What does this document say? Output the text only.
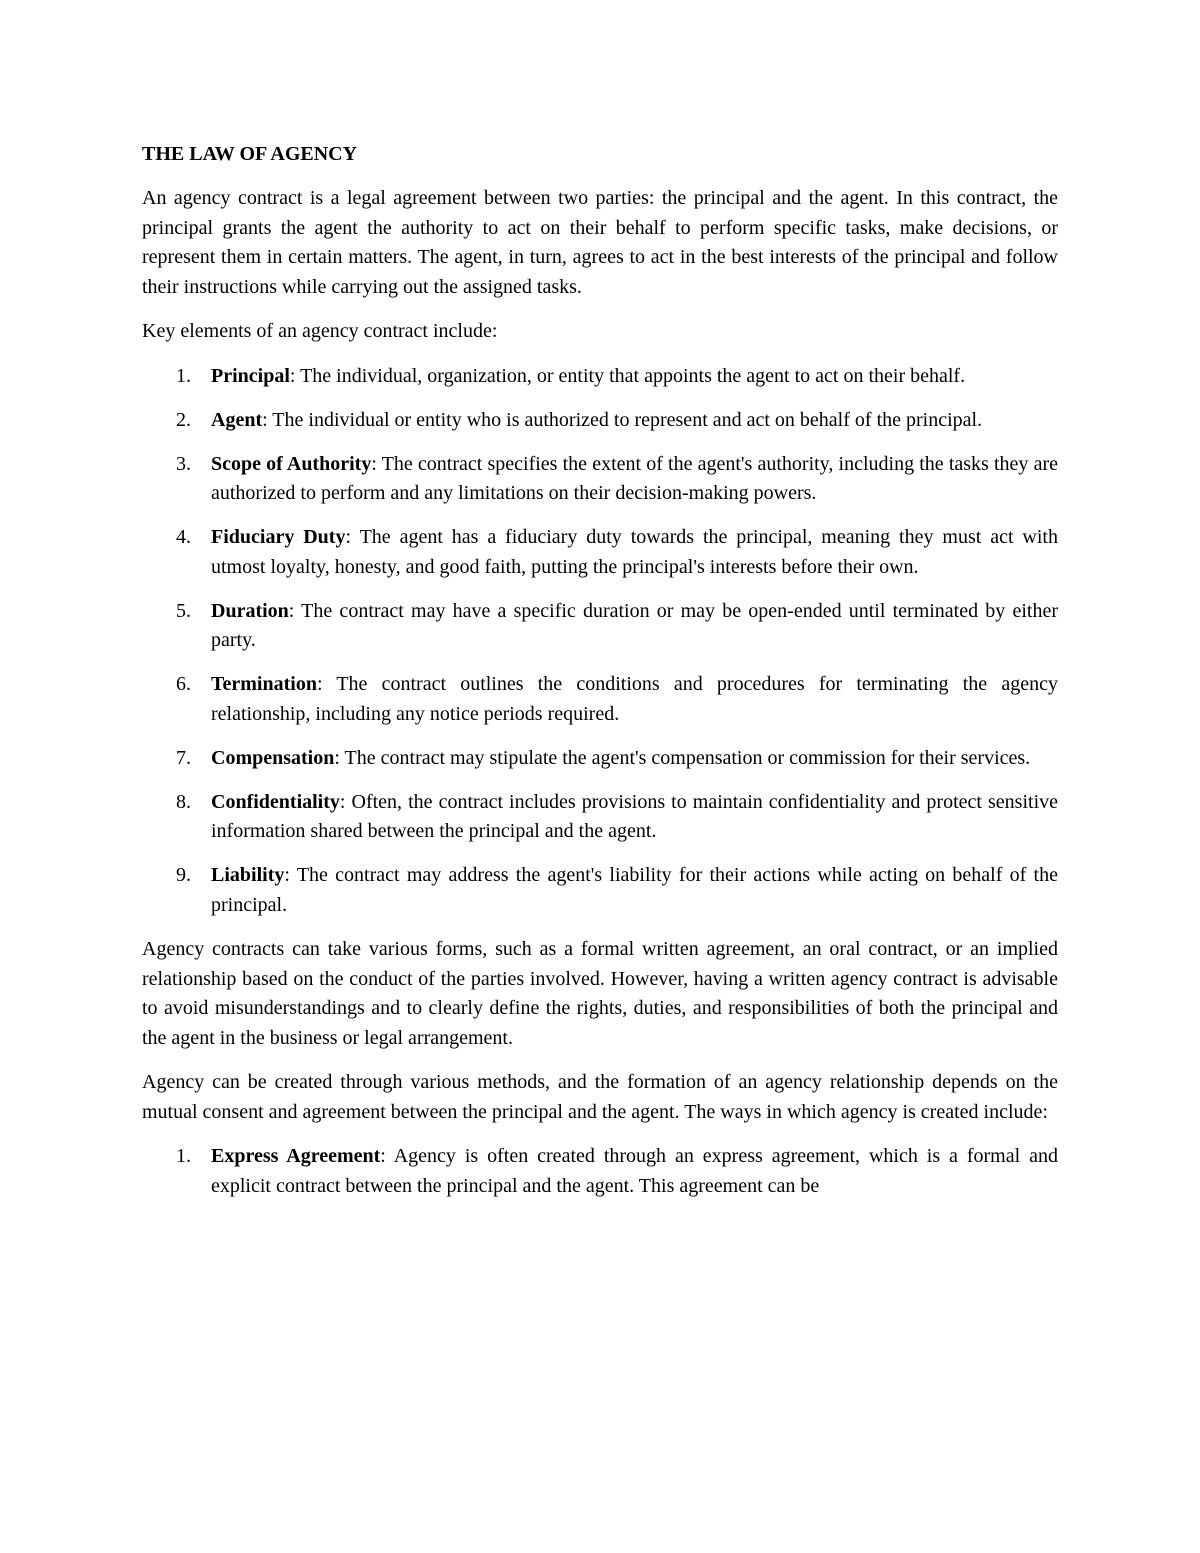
THE LAW OF AGENCY

An agency contract is a legal agreement between two parties: the principal and the agent. In this contract, the principal grants the agent the authority to act on their behalf to perform specific tasks, make decisions, or represent them in certain matters. The agent, in turn, agrees to act in the best interests of the principal and follow their instructions while carrying out the assigned tasks.

Key elements of an agency contract include:

1. Principal: The individual, organization, or entity that appoints the agent to act on their behalf.
2. Agent: The individual or entity who is authorized to represent and act on behalf of the principal.
3. Scope of Authority: The contract specifies the extent of the agent's authority, including the tasks they are authorized to perform and any limitations on their decision-making powers.
4. Fiduciary Duty: The agent has a fiduciary duty towards the principal, meaning they must act with utmost loyalty, honesty, and good faith, putting the principal's interests before their own.
5. Duration: The contract may have a specific duration or may be open-ended until terminated by either party.
6. Termination: The contract outlines the conditions and procedures for terminating the agency relationship, including any notice periods required.
7. Compensation: The contract may stipulate the agent's compensation or commission for their services.
8. Confidentiality: Often, the contract includes provisions to maintain confidentiality and protect sensitive information shared between the principal and the agent.
9. Liability: The contract may address the agent's liability for their actions while acting on behalf of the principal.

Agency contracts can take various forms, such as a formal written agreement, an oral contract, or an implied relationship based on the conduct of the parties involved. However, having a written agency contract is advisable to avoid misunderstandings and to clearly define the rights, duties, and responsibilities of both the principal and the agent in the business or legal arrangement.

Agency can be created through various methods, and the formation of an agency relationship depends on the mutual consent and agreement between the principal and the agent. The ways in which agency is created include:

1. Express Agreement: Agency is often created through an express agreement, which is a formal and explicit contract between the principal and the agent. This agreement can be
